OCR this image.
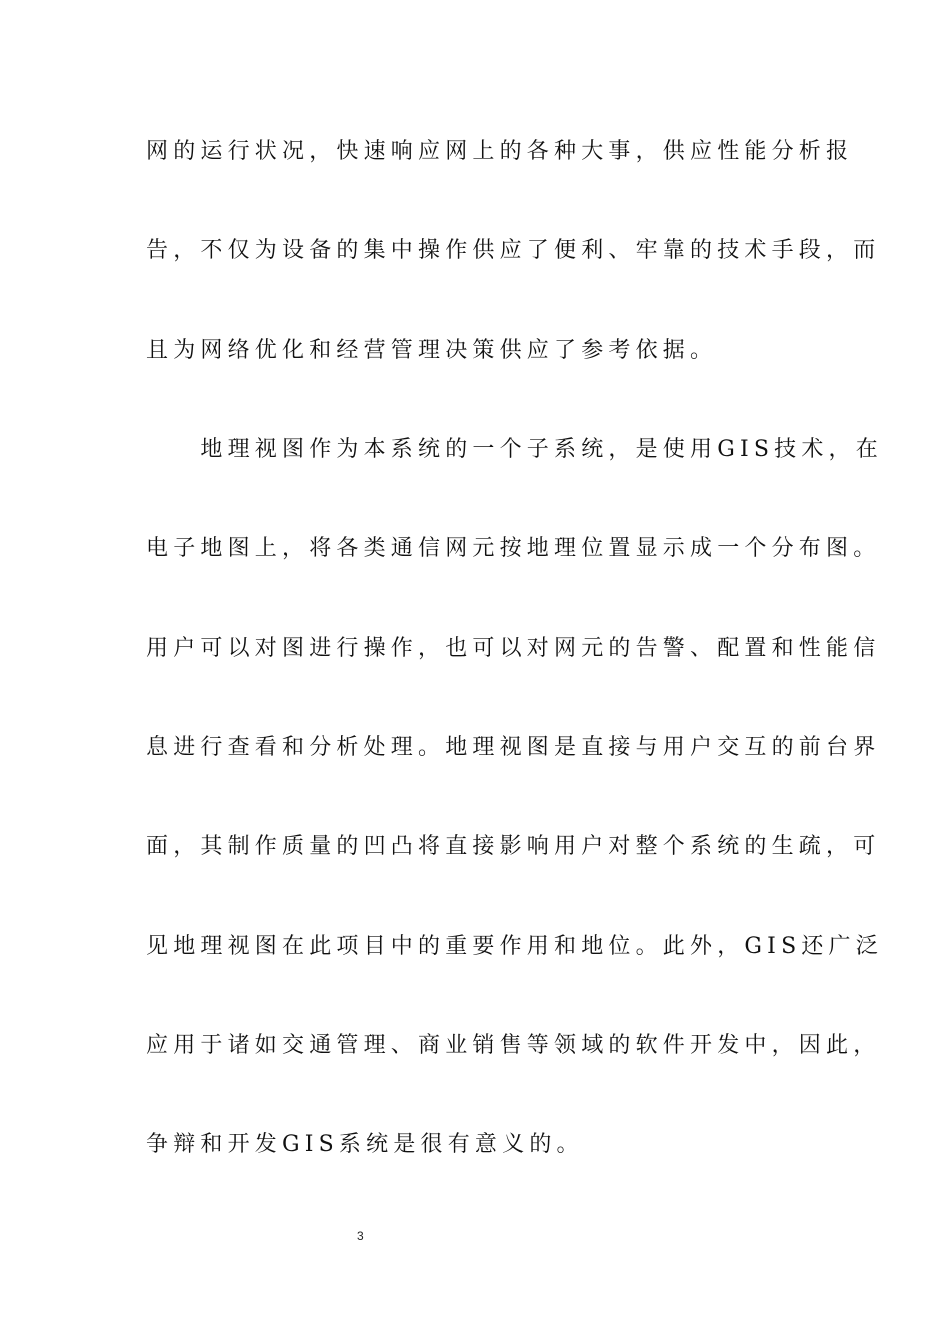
网的运行状况，快速响应网上的各种大事，供应性能分析报
告，不仅为设备的集中操作供应了便利、牢靠的技术手段，而
且为网络优化和经营管理决策供应了参考依据。
　　地理视图作为本系统的一个子系统，是使用GIS技术，在
电子地图上，将各类通信网元按地理位置显示成一个分布图。
用户可以对图进行操作，也可以对网元的告警、配置和性能信
息进行查看和分析处理。地理视图是直接与用户交互的前台界
面，其制作质量的凹凸将直接影响用户对整个系统的生疏，可
见地理视图在此项目中的重要作用和地位。此外，GIS还广泛
应用于诸如交通管理、商业销售等领域的软件开发中，因此，
争辩和开发GIS系统是很有意义的。
3
